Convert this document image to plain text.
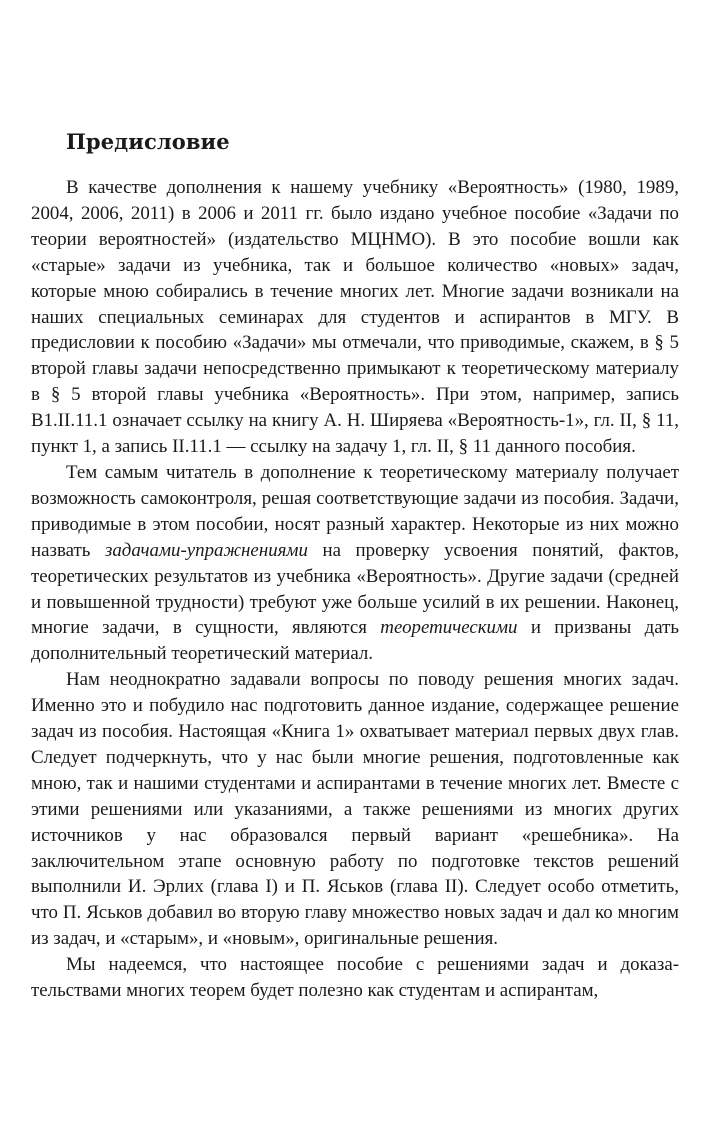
Предисловие

В качестве дополнения к нашему учебнику «Вероятность» (1980, 1989, 2004, 2006, 2011) в 2006 и 2011 гг. было издано учебное пособие «Задачи по теории вероятностей» (издательство МЦНМО). В это пособие вошли как «старые» задачи из учебника, так и большое количество «новых» задач, которые мною собирались в течение многих лет. Многие задачи возникали на наших специальных семинарах для студентов и аспирантов в МГУ. В предисловии к пособию «Задачи» мы отмечали, что приводимые, скажем, в § 5 второй главы задачи непосредственно примыкают к теоретическому материалу в § 5 второй главы учебника «Вероятность». При этом, например, запись В1.II.11.1 означает ссылку на книгу А. Н. Ширяева «Вероятность-1», гл. II, § 11, пункт 1, а запись II.11.1 — ссылку на задачу 1, гл. II, § 11 данного пособия.

Тем самым читатель в дополнение к теоретическому материалу получает возможность самоконтроля, решая соответствующие задачи из пособия. Задачи, приводимые в этом пособии, носят разный характер. Некоторые из них можно назвать задачами-упражнениями на проверку усвоения понятий, фактов, теоретических результатов из учебника «Вероятность». Другие задачи (средней и повышенной трудности) требуют уже больше усилий в их решении. Наконец, многие задачи, в сущности, являются теоретическими и призваны дать дополнительный теоретический материал.

Нам неоднократно задавали вопросы по поводу решения многих задач. Именно это и побудило нас подготовить данное издание, содержащее решение задач из пособия. Настоящая «Книга 1» охватывает материал первых двух глав. Следует подчеркнуть, что у нас были многие решения, подготовленные как мною, так и нашими студентами и аспирантами в течение многих лет. Вместе с этими решениями или указаниями, а также решениями из многих других источников у нас образовался первый вариант «решебника». На заключительном этапе основную работу по подготовке текстов решений выполнили И. Эрлих (глава I) и П. Яськов (глава II). Следует особо отметить, что П. Яськов добавил во вторую главу множество новых задач и дал ко многим из задач, и «старым», и «новым», оригинальные решения.

Мы надеемся, что настоящее пособие с решениями задач и доказательствами многих теорем будет полезно как студентам и аспирантам,
